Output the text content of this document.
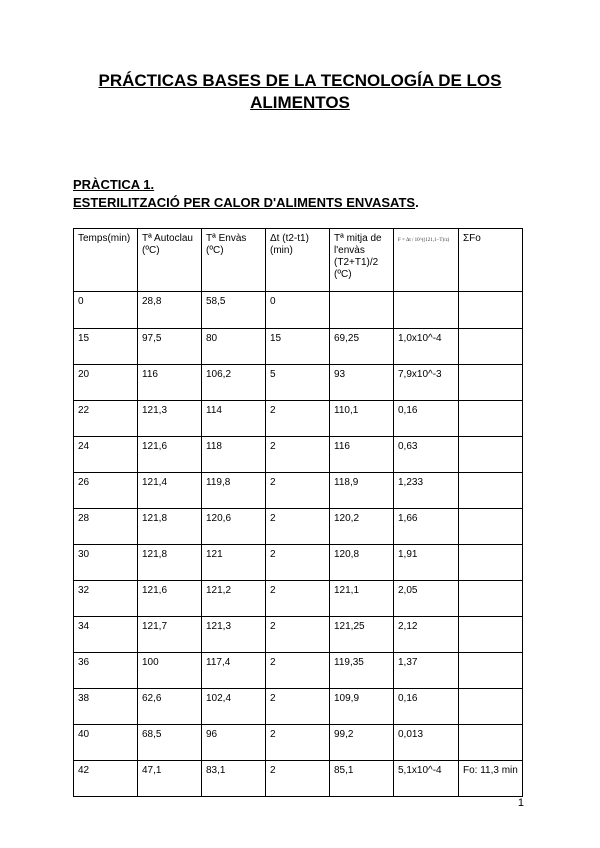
PRÁCTICAS BASES DE LA TECNOLOGÍA DE LOS ALIMENTOS
PRÀCTICA 1.
ESTERILITZACIÓ PER CALOR D'ALIMENTS ENVASATS.
Temps(min)	Tª Autoclau (ºC)	Tª Envàs (ºC)	Δt (t2-t1) (min)	Tª mitja de l'envàs (T2+T1)/2 (ºC)	F = Δt / 10^((121,1−T)/z)	ΣFo
0	28,8	58,5	0			
15	97,5	80	15	69,25	1,0x10^-4	
20	116	106,2	5	93	7,9x10^-3	
22	121,3	114	2	110,1	0,16	
24	121,6	118	2	116	0,63	
26	121,4	119,8	2	118,9	1,233	
28	121,8	120,6	2	120,2	1,66	
30	121,8	121	2	120,8	1,91	
32	121,6	121,2	2	121,1	2,05	
34	121,7	121,3	2	121,25	2,12	
36	100	117,4	2	119,35	1,37	
38	62,6	102,4	2	109,9	0,16	
40	68,5	96	2	99,2	0,013	
42	47,1	83,1	2	85,1	5,1x10^-4	Fo: 11,3 min
1
